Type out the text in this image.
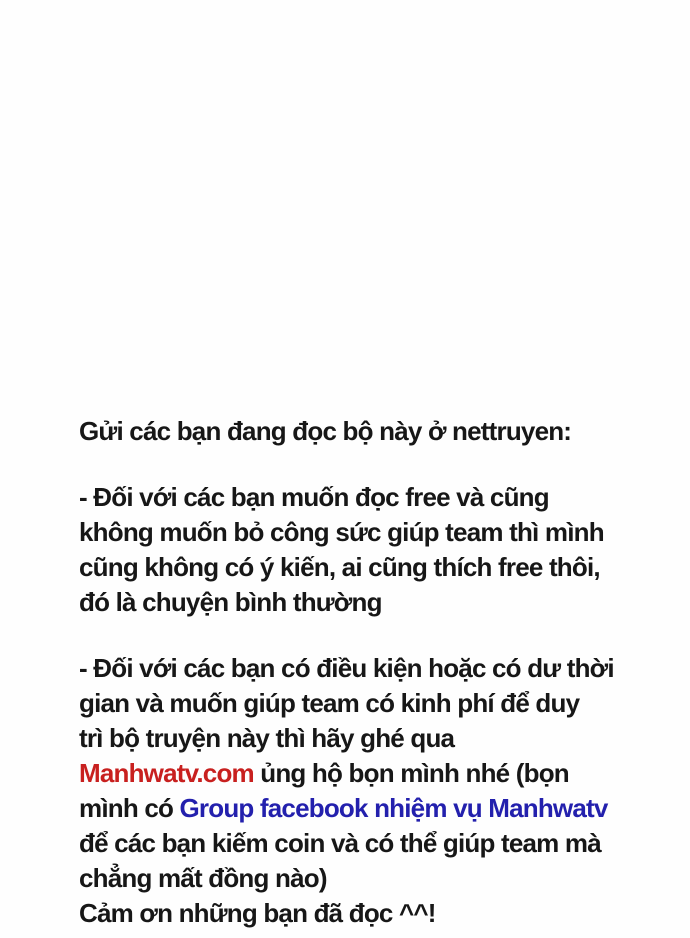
Gửi các bạn đang đọc bộ này ở nettruyen:
- Đối với các bạn muốn đọc free và cũng
không muốn bỏ công sức giúp team thì mình
cũng không có ý kiến, ai cũng thích free thôi,
đó là chuyện bình thường
- Đối với các bạn có điều kiện hoặc có dư thời
gian và muốn giúp team có kinh phí để duy
trì bộ truyện này thì hãy ghé qua
Manhwatv.com ủng hộ bọn mình nhé (bọn
mình có Group facebook nhiệm vụ Manhwatv
để các bạn kiếm coin và có thể giúp team mà
chẳng mất đồng nào)
Cảm ơn những bạn đã đọc ^^!
